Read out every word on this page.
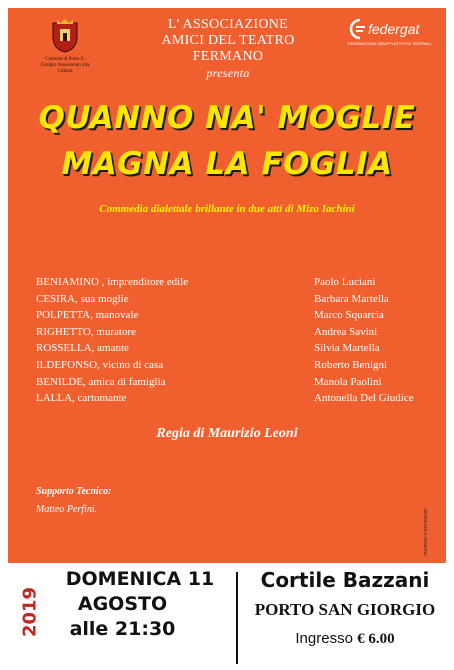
Comune di Porto S. Giorgio Assessorato alla Cultura
L’ ASSOCIAZIONE
AMICI DEL TEATRO FERMANO
presenta
federgat
FEDERAZIONE GRUPPI ATTIVITÀ TEATRALI
QUANNO NA' MOGLIE
MAGNA LA FOGLIA
Commedia dialettale brillante in due atti di Mizo Iachini
BENIAMINO , imprenditore edile	Paolo Luciani
CESIRA, sua moglie	Barbara Martella
POLPETTA, manovale	Marco Squarcia
RIGHETTO, muratore	Andrea Savini
ROSSELLA, amante	Silvia Martella
ILDEFONSO, vicino di casa	Roberto Benigni
BENILDE, amica di famiglia	Manola Paolini
LALLA, cartomante	Antonella Del Giudice
Regia di Maurizio Leoni
Supporto Tecnico:
Matteo Perfini.	ARTEGRAFICA FERMANO
2019
DOMENICA 11
AGOSTO
alle 21:30
Cortile Bazzani
PORTO SAN GIORGIO
Ingresso € 6.00
